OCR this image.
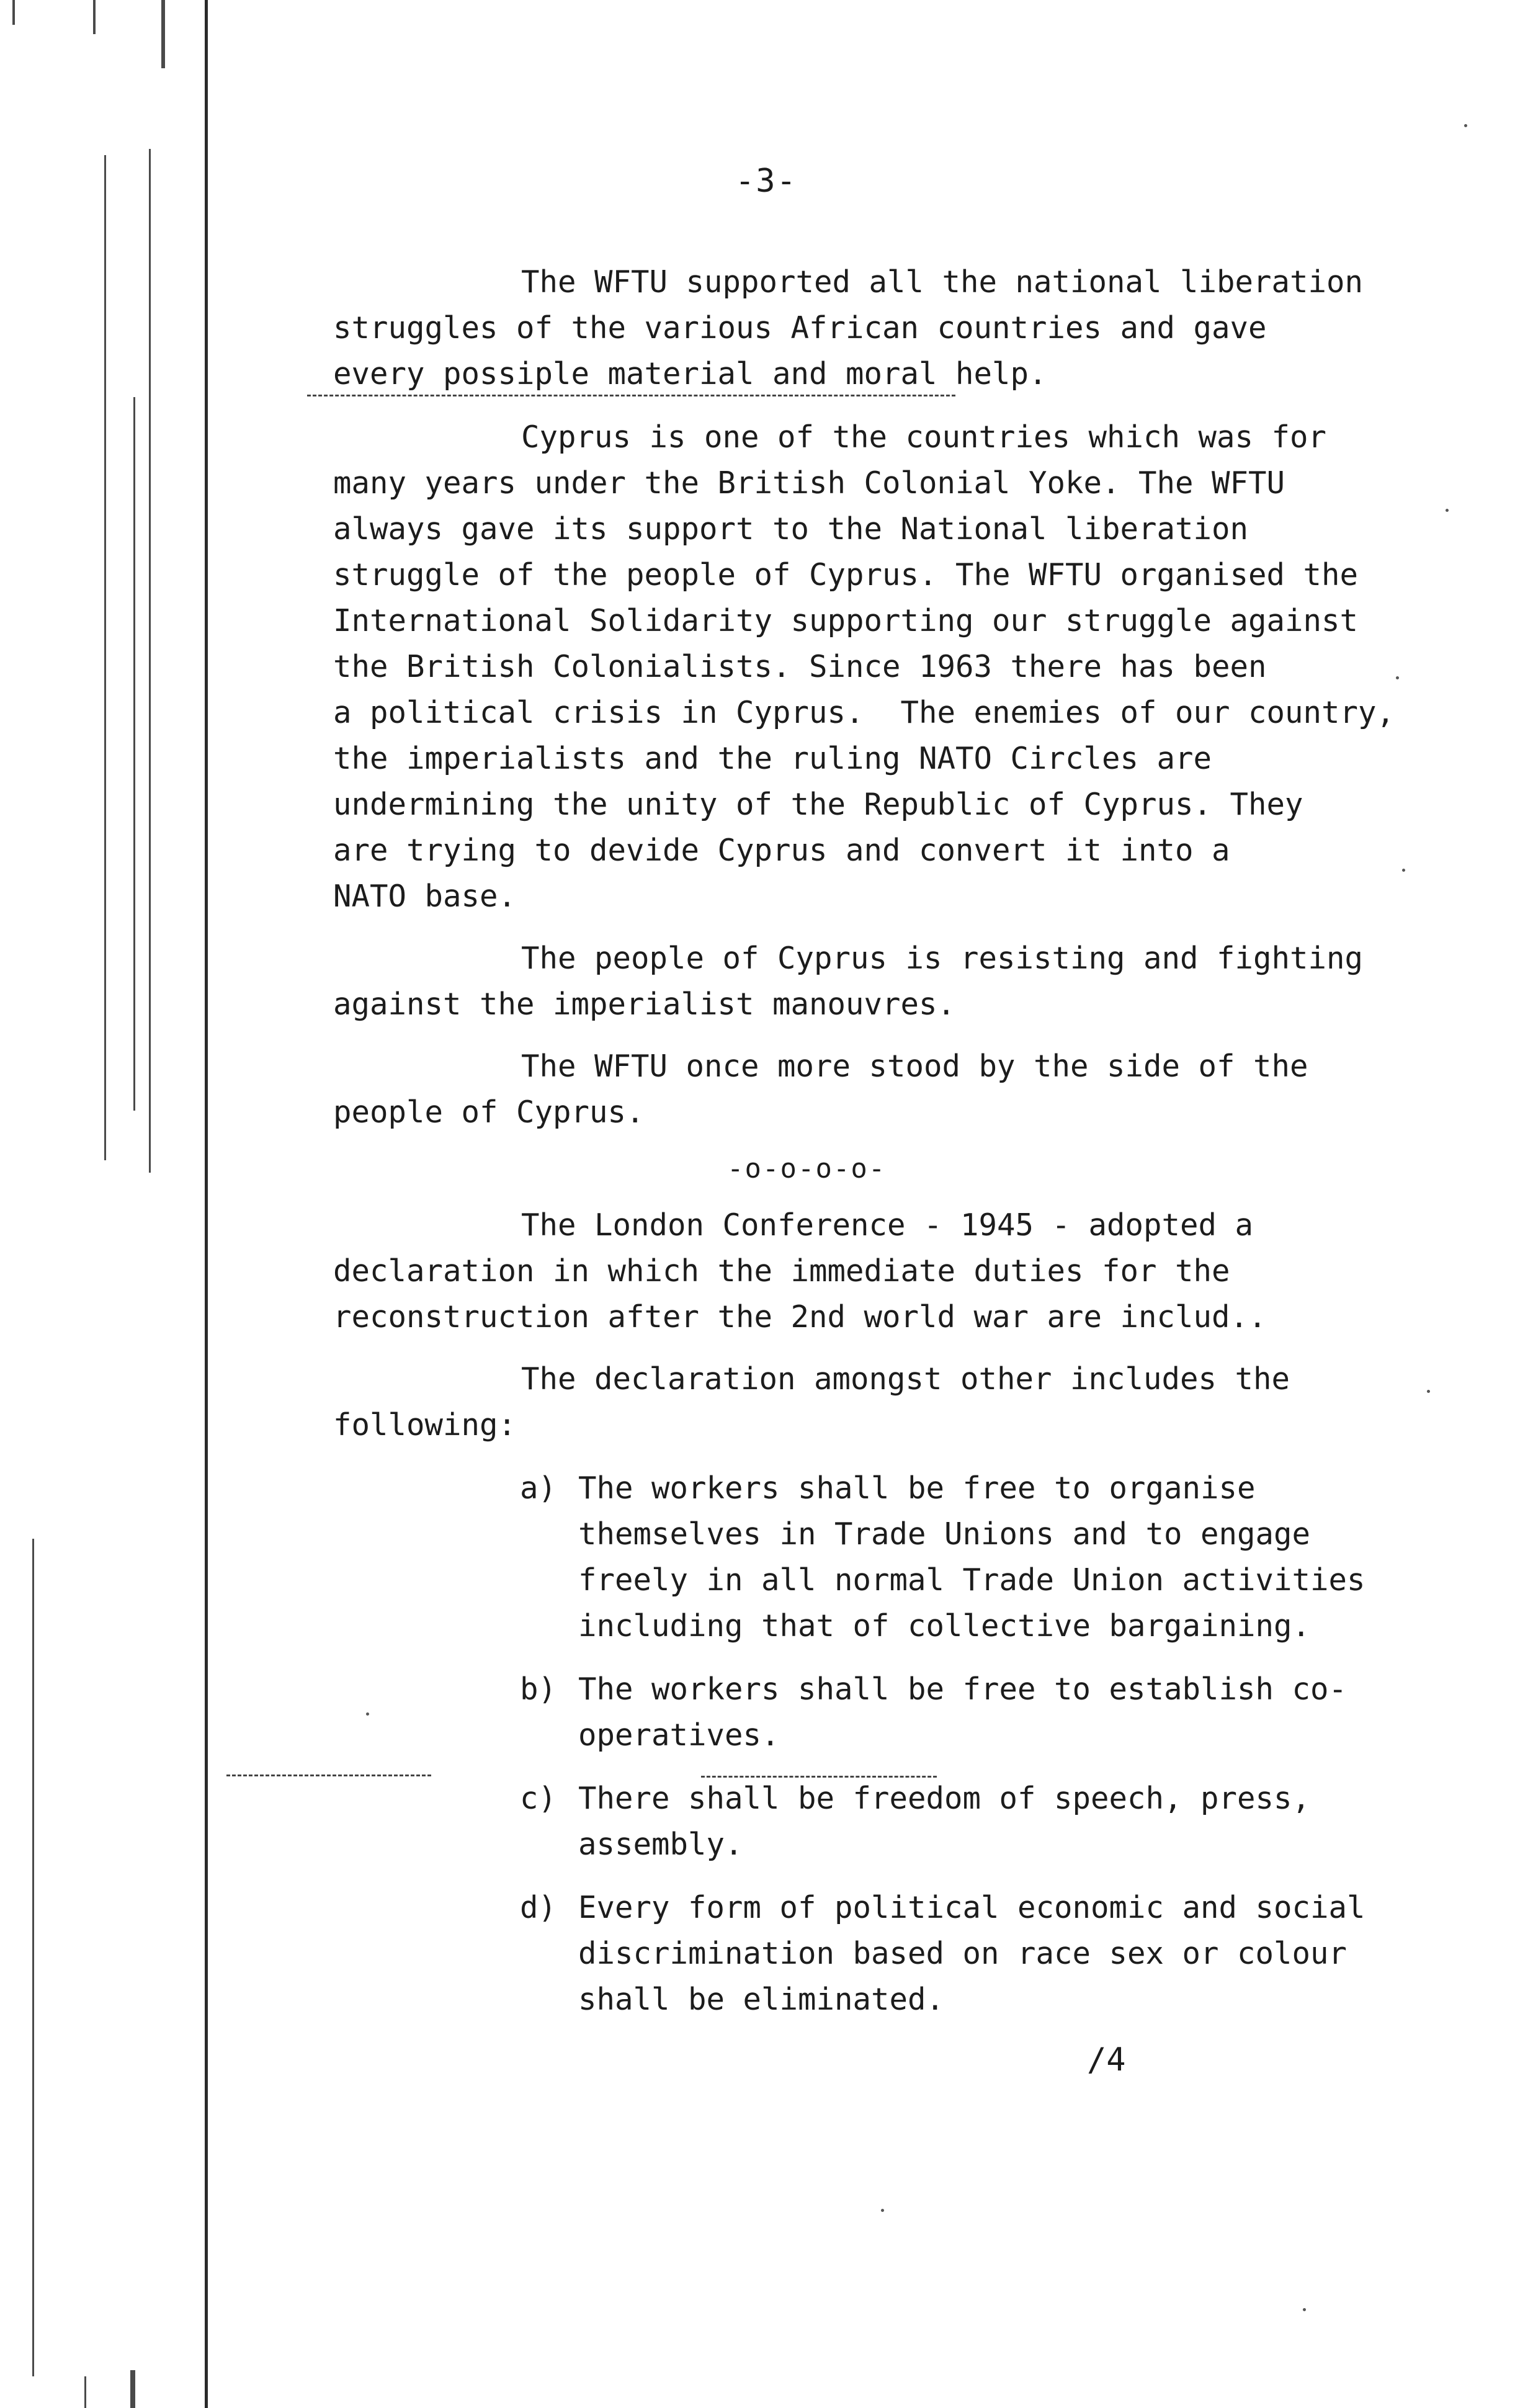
-3-
The WFTU supported all the national liberation
struggles of the various African countries and gave
every possiple material and moral help.
Cyprus is one of the countries which was for
many years under the British Colonial Yoke. The WFTU
always gave its support to the National liberation
struggle of the people of Cyprus. The WFTU organised the
International Solidarity supporting our struggle against
the British Colonialists. Since 1963 there has been
a political crisis in Cyprus.  The enemies of our country,
the imperialists and the ruling NATO Circles are
undermining the unity of the Republic of Cyprus. They
are trying to devide Cyprus and convert it into a
NATO base.
The people of Cyprus is resisting and fighting
against the imperialist manouvres.
The WFTU once more stood by the side of the
people of Cyprus.
-o-o-o-o-
The London Conference - 1945 - adopted a
declaration in which the immediate duties for the
reconstruction after the 2nd world war are includ..
The declaration amongst other includes the
following:
a) The workers shall be free to organise
themselves in Trade Unions and to engage
freely in all normal Trade Union activities
including that of collective bargaining.
b) The workers shall be free to establish co-
operatives.
c) There shall be freedom of speech, press,
assembly.
d) Every form of political economic and social
discrimination based on race sex or colour
shall be eliminated.
/4
